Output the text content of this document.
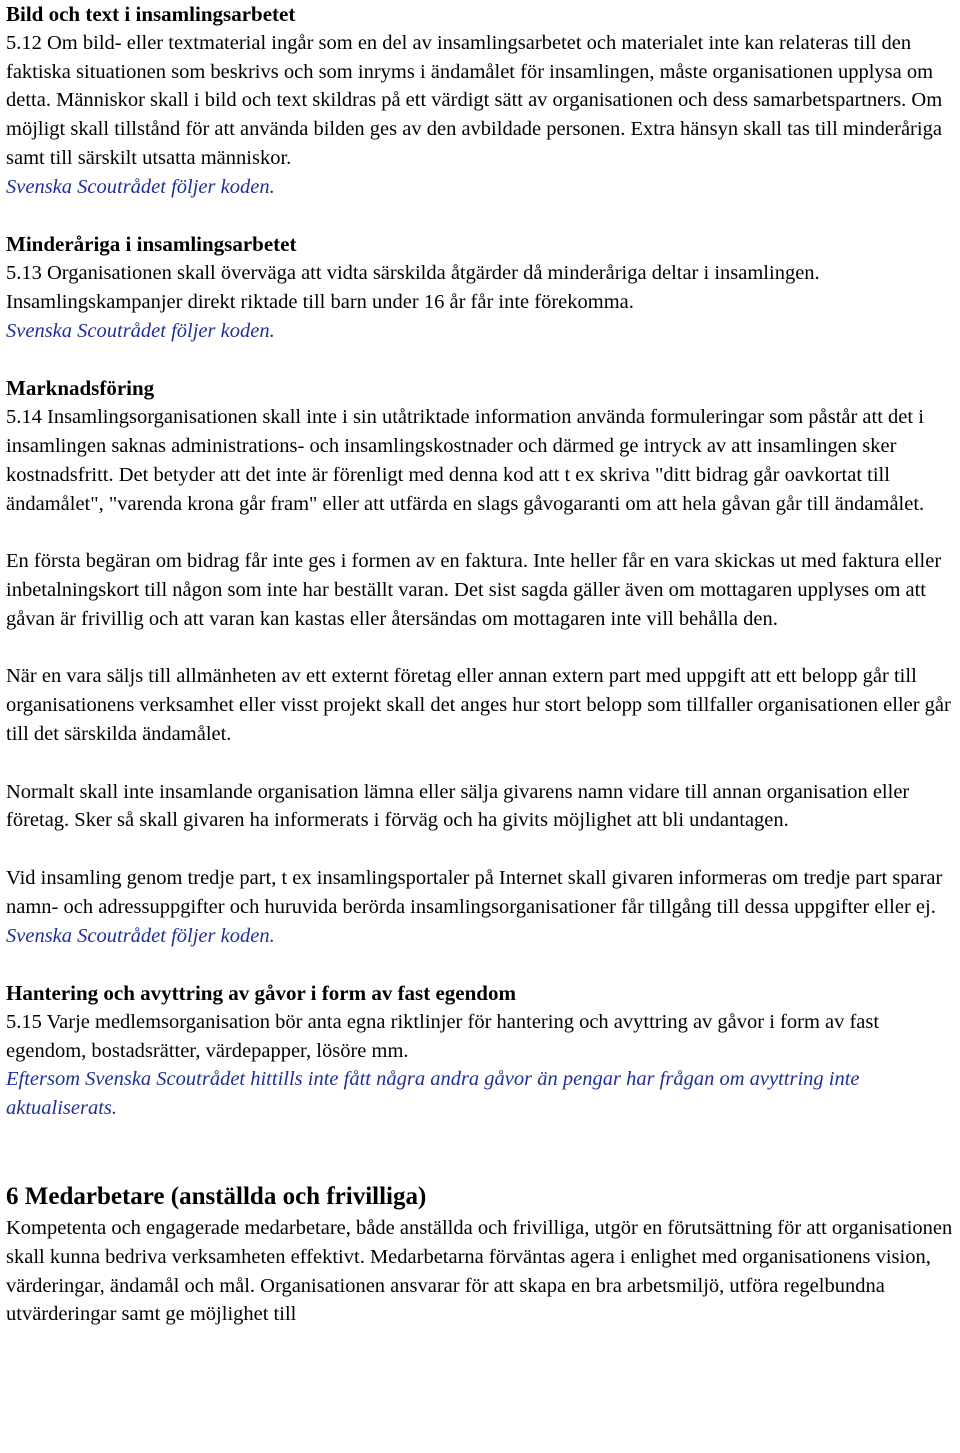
Bild och text i insamlingsarbetet

5.12 Om bild- eller textmaterial ingår som en del av insamlingsarbetet och materialet inte kan relateras till den faktiska situationen som beskrivs och som inryms i ändamålet för insamlingen, måste organisationen upplysa om detta. Människor skall i bild och text skildras på ett värdigt sätt av organisationen och dess samarbetspartners. Om möjligt skall tillstånd för att använda bilden ges av den avbildade personen. Extra hänsyn skall tas till minderåriga samt till särskilt utsatta människor.

Svenska Scoutrådet följer koden.

Minderåriga i insamlingsarbetet

5.13 Organisationen skall överväga att vidta särskilda åtgärder då minderåriga deltar i insamlingen. Insamlingskampanjer direkt riktade till barn under 16 år får inte förekomma.

Svenska Scoutrådet följer koden.

Marknadsföring

5.14 Insamlingsorganisationen skall inte i sin utåtriktade information använda formuleringar som påstår att det i insamlingen saknas administrations- och insamlingskostnader och därmed ge intryck av att insamlingen sker kostnadsfritt. Det betyder att det inte är förenligt med denna kod att t ex skriva "ditt bidrag går oavkortat till ändamålet", "varenda krona går fram" eller att utfärda en slags gåvogaranti om att hela gåvan går till ändamålet.

En första begäran om bidrag får inte ges i formen av en faktura. Inte heller får en vara skickas ut med faktura eller inbetalningskort till någon som inte har beställt varan. Det sist sagda gäller även om mottagaren upplyses om att gåvan är frivillig och att varan kan kastas eller återsändas om mottagaren inte vill behålla den.

När en vara säljs till allmänheten av ett externt företag eller annan extern part med uppgift att ett belopp går till organisationens verksamhet eller visst projekt skall det anges hur stort belopp som tillfaller organisationen eller går till det särskilda ändamålet.

Normalt skall inte insamlande organisation lämna eller sälja givarens namn vidare till annan organisation eller företag. Sker så skall givaren ha informerats i förväg och ha givits möjlighet att bli undantagen.

Vid insamling genom tredje part, t ex insamlingsportaler på Internet skall givaren informeras om tredje part sparar namn- och adressuppgifter och huruvida berörda insamlingsorganisationer får tillgång till dessa uppgifter eller ej.

Svenska Scoutrådet följer koden.

Hantering och avyttring av gåvor i form av fast egendom

5.15 Varje medlemsorganisation bör anta egna riktlinjer för hantering och avyttring av gåvor i form av fast egendom, bostadsrätter, värdepapper, lösöre mm.

Eftersom Svenska Scoutrådet hittills inte fått några andra gåvor än pengar har frågan om avyttring inte aktualiserats.

6 Medarbetare (anställda och frivilliga)

Kompetenta och engagerade medarbetare, både anställda och frivilliga, utgör en förutsättning för att organisationen skall kunna bedriva verksamheten effektivt. Medarbetarna förväntas agera i enlighet med organisationens vision, värderingar, ändamål och mål. Organisationen ansvarar för att skapa en bra arbetsmiljö, utföra regelbundna utvärderingar samt ge möjlighet till
